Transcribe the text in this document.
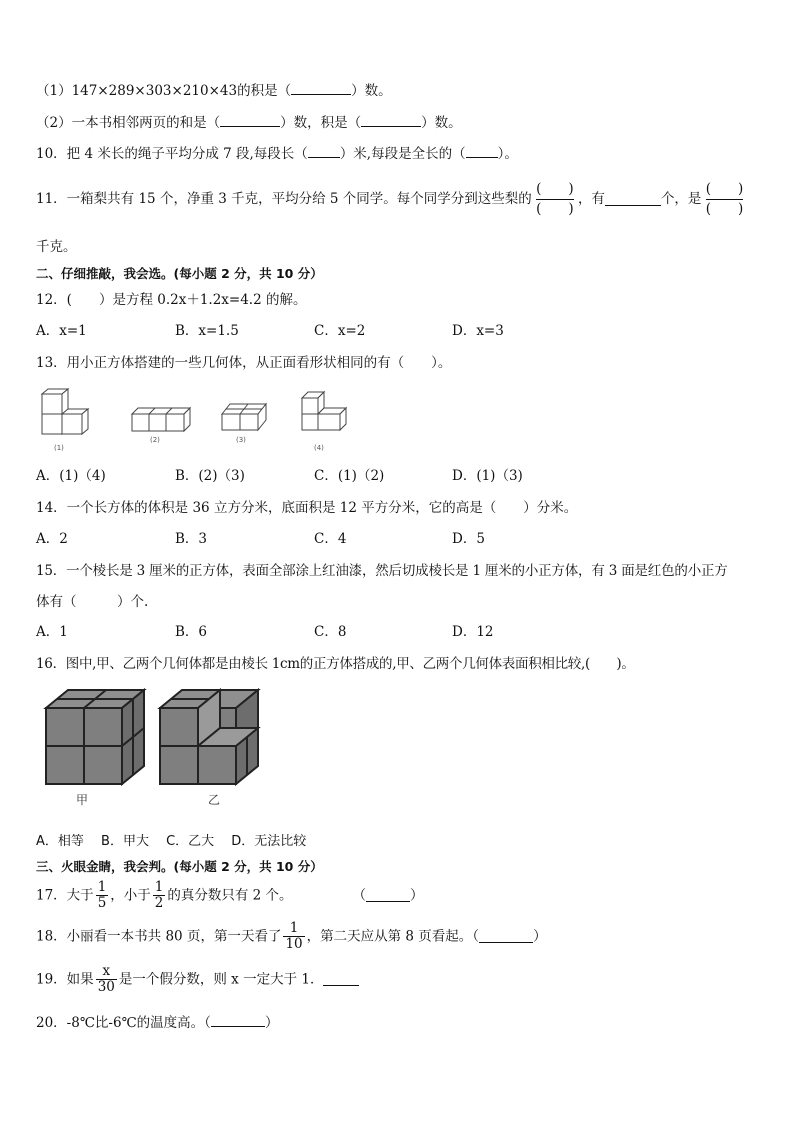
（1）147×289×303×210×43的积是（	）数。
（2）一本书相邻两页的和是（	）数，积是（	）数。
10．把 4 米长的绳子平均分成 7 段,每段长（ ）米,每段是全长的（ ）。
11．一箱梨共有 15 个，净重 3 千克，平均分给 5 个同学。每个同学分到这些梨的
(　　)
(　　)
，有	个，是
(　　)
(　　)
千克。
二、仔细推敲，我会选。(每小题 2 分，共 10 分）
12．(　　）是方程 0.2x＋1.2x=4.2 的解。
A．x=1	B．x=1.5	C．x=2	D．x=3
13．用小正方体搭建的一些几何体，从正面看形状相同的有（　　）。
(1)
(2)	(3)
(4)
A．(1)（4)	B．(2)（3)	C．(1)（2)	D．(1)（3)
14．一个长方体的体积是 36 立方分米，底面积是 12 平方分米，它的高是（　　）分米。
A．2	B．3	C．4	D．5
15．一个棱长是 3 厘米的正方体，表面全部涂上红油漆，然后切成棱长是 1 厘米的小正方体，有 3 面是红色的小正方
体有（　　　）个.
A．1	B．6	C．8	D．12
16．图中,甲、乙两个几何体都是由棱长 1cm的正方体搭成的,甲、乙两个几何体表面积相比较,(　　)。
甲	乙
A．相等　 B．甲大　 C．乙大　 D．无法比较
三、火眼金睛，我会判。(每小题 2 分，共 10 分）
17．大于 $\frac{1}{5}$ ，小于 $\frac{1}{2}$ 的真分数只有 2 个。	（	）
18．小丽看一本书共 80 页，第一天看了 $\frac{1}{10}$ ，第二天应从第 8 页看起。（	）
19．如果 $\frac{x}{30}$ 是一个假分数，则 x 一定大于 1．
20．-8℃比-6℃的温度高。（	）
